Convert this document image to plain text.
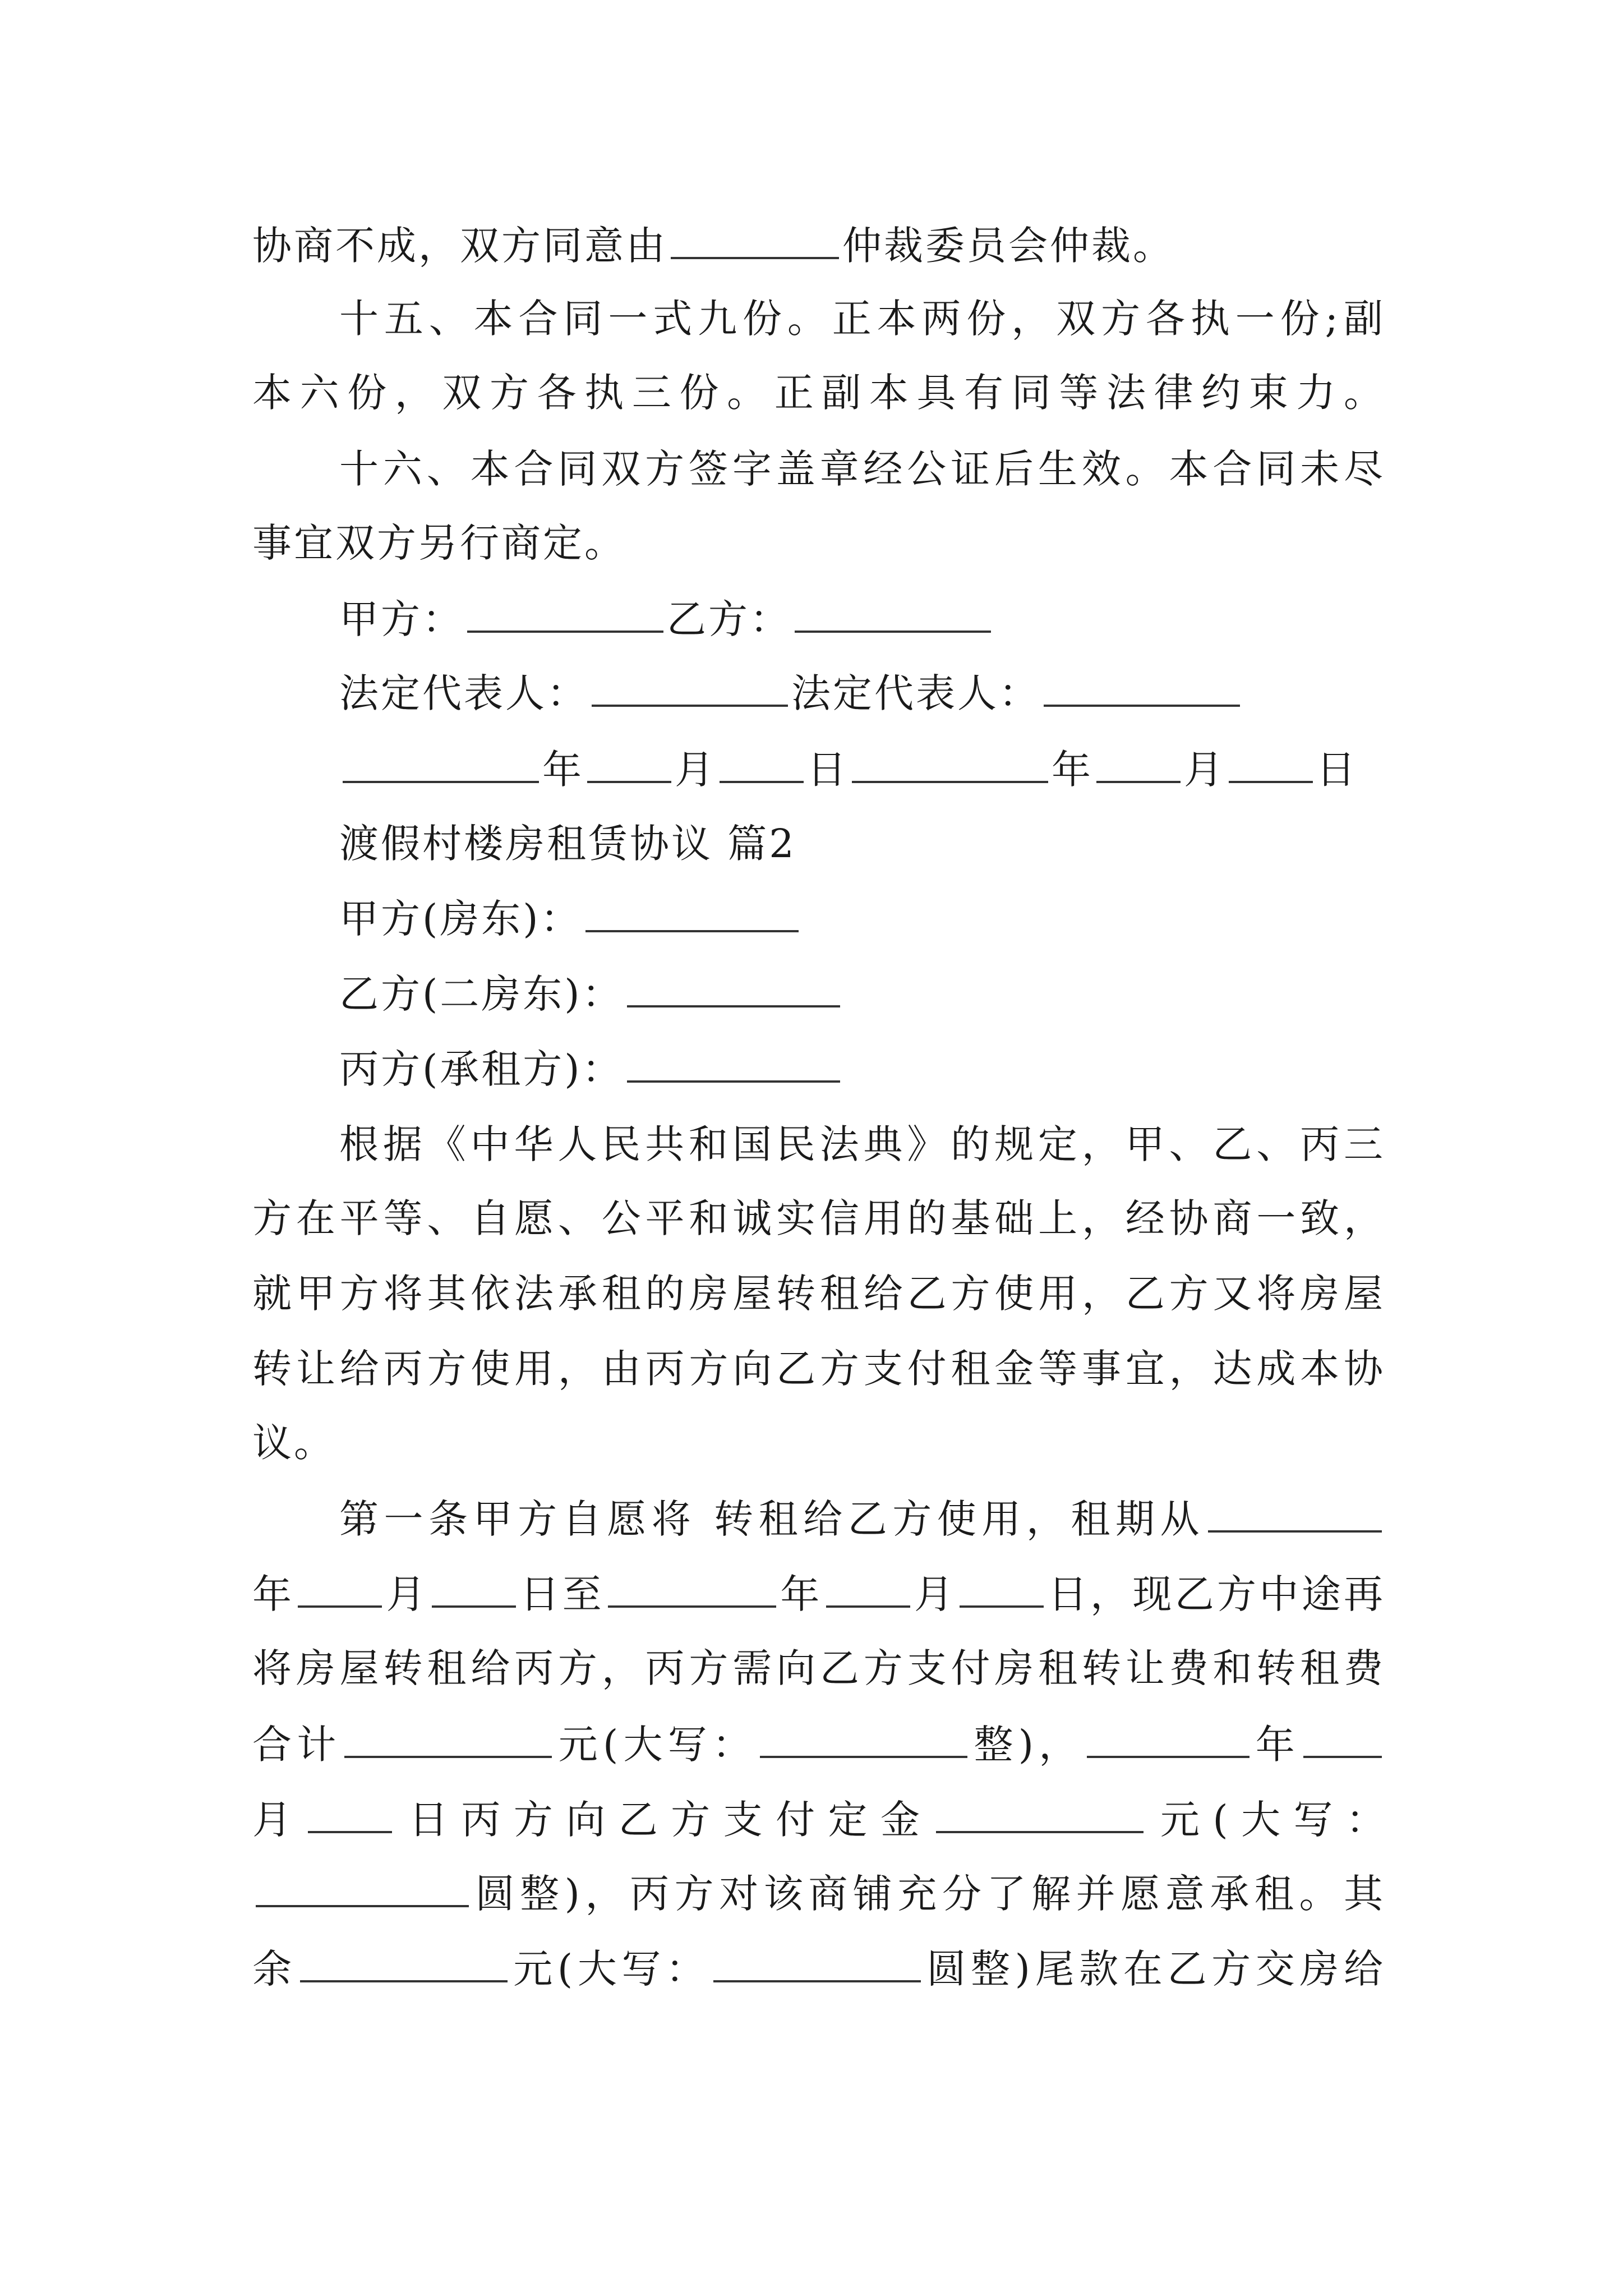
协商不成，双方同意由	仲裁委员会仲裁。
十五、本合同一式九份。正本两份，双方各执一份;副
本六份，双方各执三份。正副本具有同等法律约束力。
十六、本合同双方签字盖章经公证后生效。本合同未尽
事宜双方另行商定。
甲方：	乙方：
法定代表人：	法定代表人：
年 月 日	年 月 日
渡假村楼房租赁协议 篇2
甲方(房东)：
乙方(二房东)：
丙方(承租方)：
根据《中华人民共和国民法典》的规定，甲、乙、丙三
方在平等、自愿、公平和诚实信用的基础上，经协商一致，
就甲方将其依法承租的房屋转租给乙方使用，乙方又将房屋
转让给丙方使用，由丙方向乙方支付租金等事宜，达成本协
议。
第一条甲方自愿将 转租给乙方使用，租期从
年 月 日至	年 月 日，现乙方中途再
将房屋转租给丙方，丙方需向乙方支付房租转让费和转租费
合计	元(大写：	整)，	年
月 日丙方向乙方支付定金	元(大写：
圆整)，丙方对该商铺充分了解并愿意承租。其
余	元(大写：	圆整)尾款在乙方交房给
